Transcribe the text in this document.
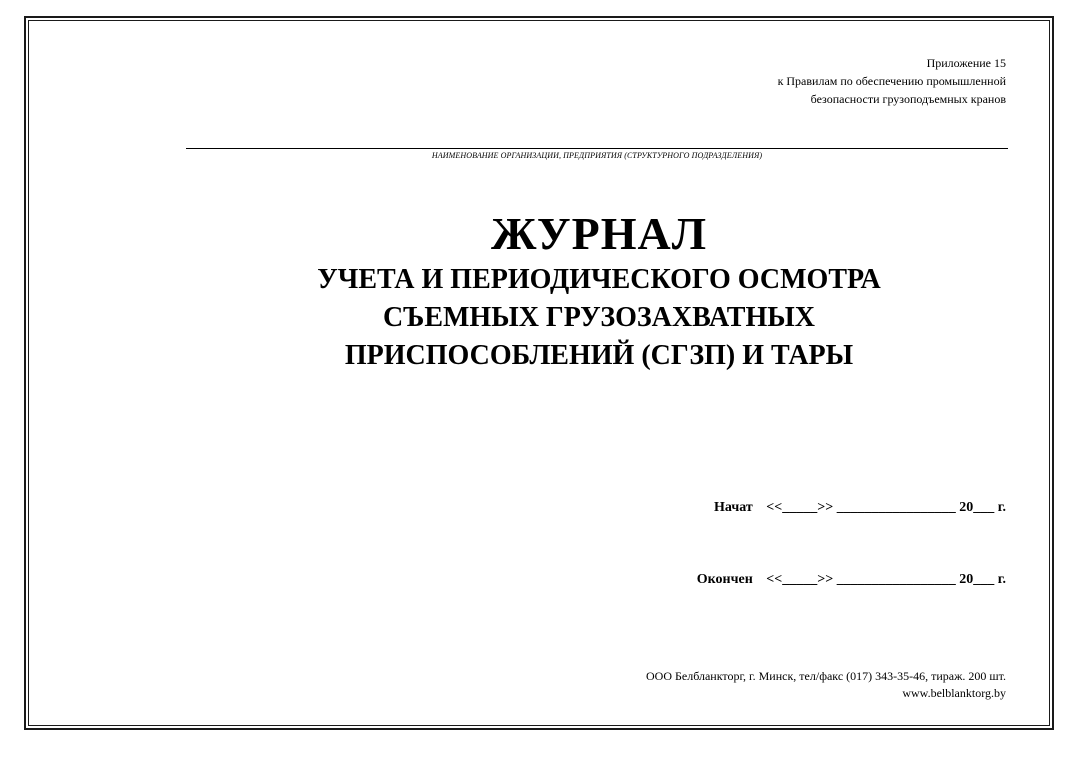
Приложение 15
к Правилам по обеспечению промышленной
безопасности грузоподъемных кранов
НАИМЕНОВАНИЕ ОРГАНИЗАЦИИ, ПРЕДПРИЯТИЯ (СТРУКТУРНОГО ПОДРАЗДЕЛЕНИЯ)
ЖУРНАЛ
УЧЕТА И ПЕРИОДИЧЕСКОГО ОСМОТРА
СЪЕМНЫХ ГРУЗОЗАХВАТНЫХ
ПРИСПОСОБЛЕНИЙ (СГЗП) И ТАРЫ
Начат <<_____>> _________________ 20___ г.
Окончен <<_____>> _________________ 20___ г.
ООО Белбланкторг, г. Минск, тел/факс (017) 343-35-46, тираж. 200 шт.
www.belblanktorg.by
